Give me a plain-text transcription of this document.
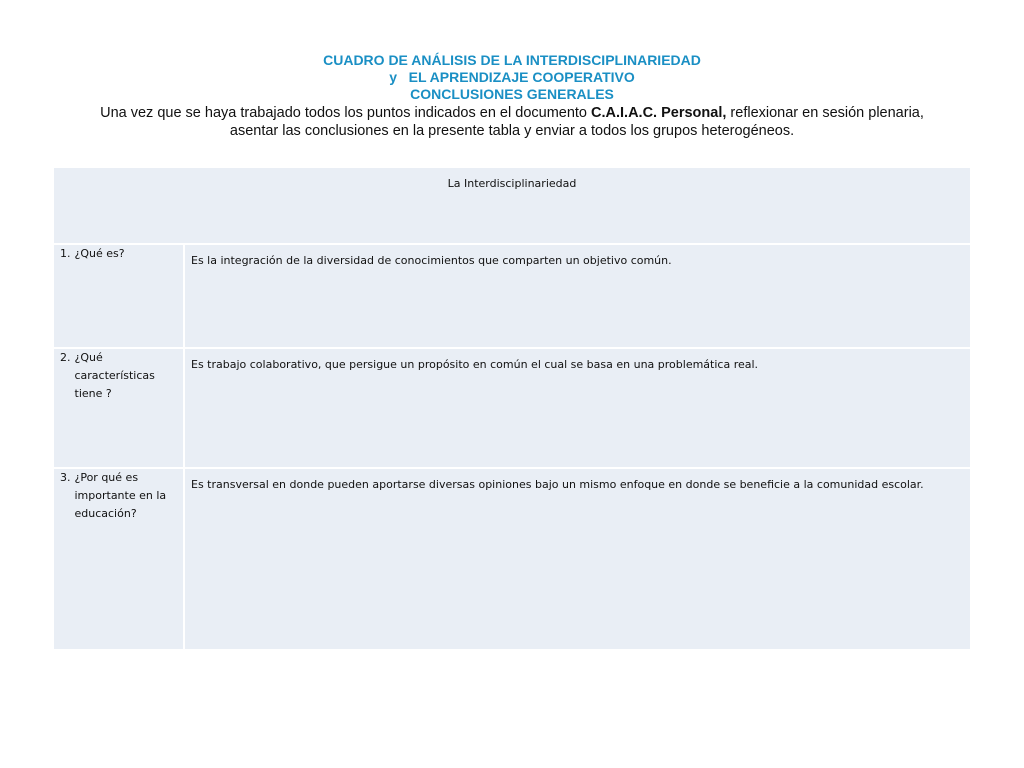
CUADRO DE ANÁLISIS DE LA INTERDISCIPLINARIEDAD
y   EL APRENDIZAJE COOPERATIVO
CONCLUSIONES GENERALES
Una vez que se haya trabajado todos los puntos indicados en el documento C.A.I.A.C. Personal, reflexionar en sesión plenaria,
asentar las conclusiones en la presente tabla y enviar a todos los grupos heterogéneos.
La Interdisciplinariedad	

1. ¿Qué es?	Es la integración de la diversidad de conocimientos que comparten un objetivo común.

2. ¿Qué características tiene ?	Es trabajo colaborativo, que persigue un propósito en común el cual se basa en una problemática real.

3. ¿Por qué es importante en la educación?	Es transversal en donde pueden aportarse diversas opiniones bajo un mismo enfoque en donde se beneficie a la comunidad escolar.
